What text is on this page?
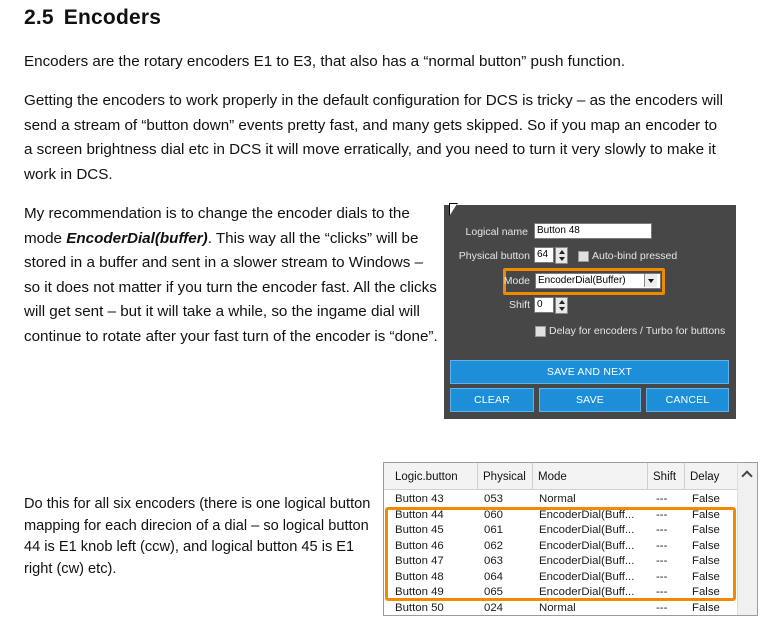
2.5 Encoders

Encoders are the rotary encoders E1 to E3, that also has a “normal button” push function.

Getting the encoders to work properly in the default configuration for DCS is tricky – as the encoders will send a stream of “button down” events pretty fast, and many gets skipped. So if you map an encoder to a screen brightness dial etc in DCS it will move erratically, and you need to turn it very slowly to make it work in DCS.

My recommendation is to change the encoder dials to the mode EncoderDial(buffer). This way all the “clicks” will be stored in a buffer and sent in a slower stream to Windows – so it does not matter if you turn the encoder fast. All the clicks will get sent – but it will take a while, so the ingame dial will continue to rotate after your fast turn of the encoder is “done”.

Do this for all six encoders (there is one logical button mapping for each direcion of a dial – so logical button 44 is E1 knob left (ccw), and logical button 45 is E1 right (cw) etc).

Logical name Button 48
Physical button 64	Auto-bind pressed
Mode EncoderDial(Buffer)
Shift 0
Delay for encoders / Turbo for buttons
SAVE AND NEXT
CLEAR	SAVE	CANCEL
Logic.button	Physical	Mode	Shift	Delay
Button 43	053	Normal	--- False
Button 44	060	EncoderDial(Buff...	--- False
Button 45	061	EncoderDial(Buff...	--- False
Button 46	062	EncoderDial(Buff...	--- False
Button 47	063	EncoderDial(Buff...	--- False
Button 48	064	EncoderDial(Buff...	--- False
Button 49	065	EncoderDial(Buff...	--- False
Button 50	024	Normal	--- False
